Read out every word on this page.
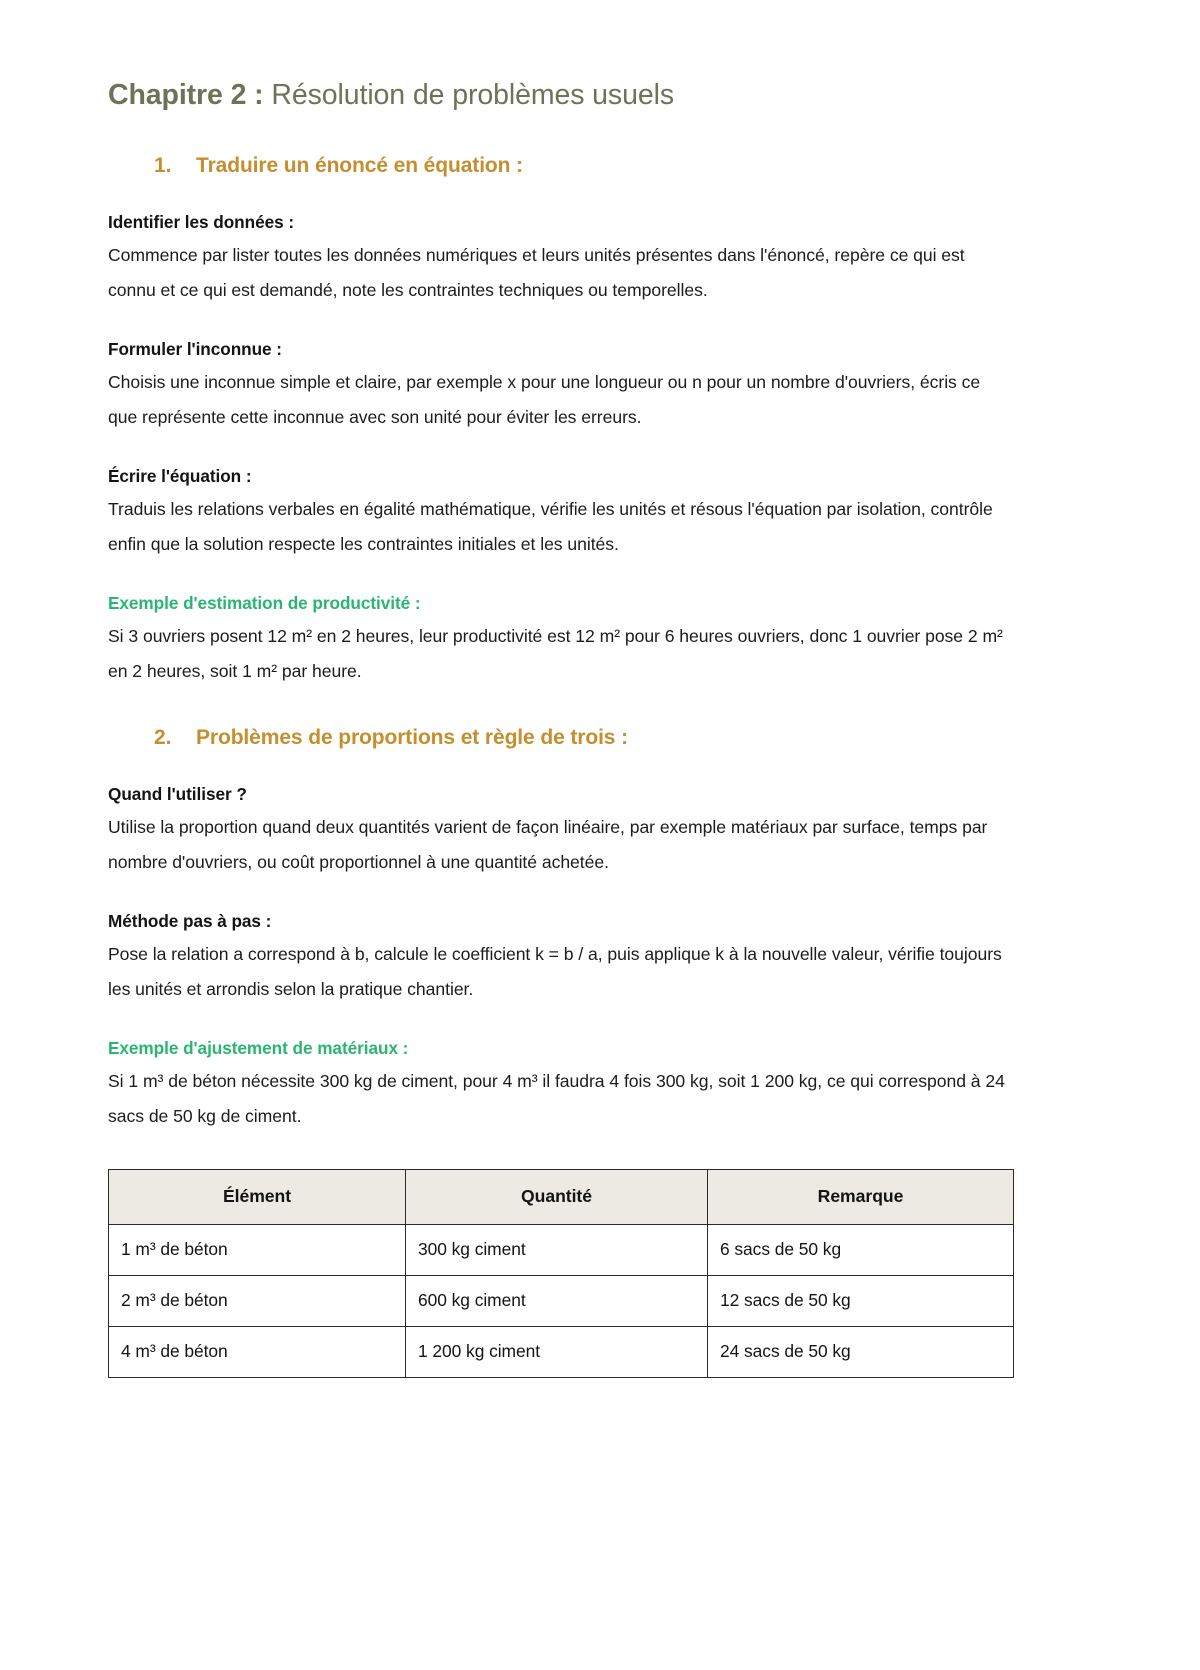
Chapitre 2 : Résolution de problèmes usuels
1.	Traduire un énoncé en équation :
Identifier les données :

Commence par lister toutes les données numériques et leurs unités présentes dans l'énoncé, repère ce qui est connu et ce qui est demandé, note les contraintes techniques ou temporelles.

Formuler l'inconnue :

Choisis une inconnue simple et claire, par exemple x pour une longueur ou n pour un nombre d'ouvriers, écris ce que représente cette inconnue avec son unité pour éviter les erreurs.

Écrire l'équation :

Traduis les relations verbales en égalité mathématique, vérifie les unités et résous l'équation par isolation, contrôle enfin que la solution respecte les contraintes initiales et les unités.

Exemple d'estimation de productivité :

Si 3 ouvriers posent 12 m² en 2 heures, leur productivité est 12 m² pour 6 heures ouvriers, donc 1 ouvrier pose 2 m² en 2 heures, soit 1 m² par heure.

2.	Problèmes de proportions et règle de trois :
Quand l'utiliser ?

Utilise la proportion quand deux quantités varient de façon linéaire, par exemple matériaux par surface, temps par nombre d'ouvriers, ou coût proportionnel à une quantité achetée.

Méthode pas à pas :

Pose la relation a correspond à b, calcule le coefficient k = b / a, puis applique k à la nouvelle valeur, vérifie toujours les unités et arrondis selon la pratique chantier.

Exemple d'ajustement de matériaux :

Si 1 m³ de béton nécessite 300 kg de ciment, pour 4 m³ il faudra 4 fois 300 kg, soit 1 200 kg, ce qui correspond à 24 sacs de 50 kg de ciment.

Élément	Quantité	Remarque
1 m³ de béton	300 kg ciment	6 sacs de 50 kg
2 m³ de béton	600 kg ciment	12 sacs de 50 kg
4 m³ de béton	1 200 kg ciment	24 sacs de 50 kg
